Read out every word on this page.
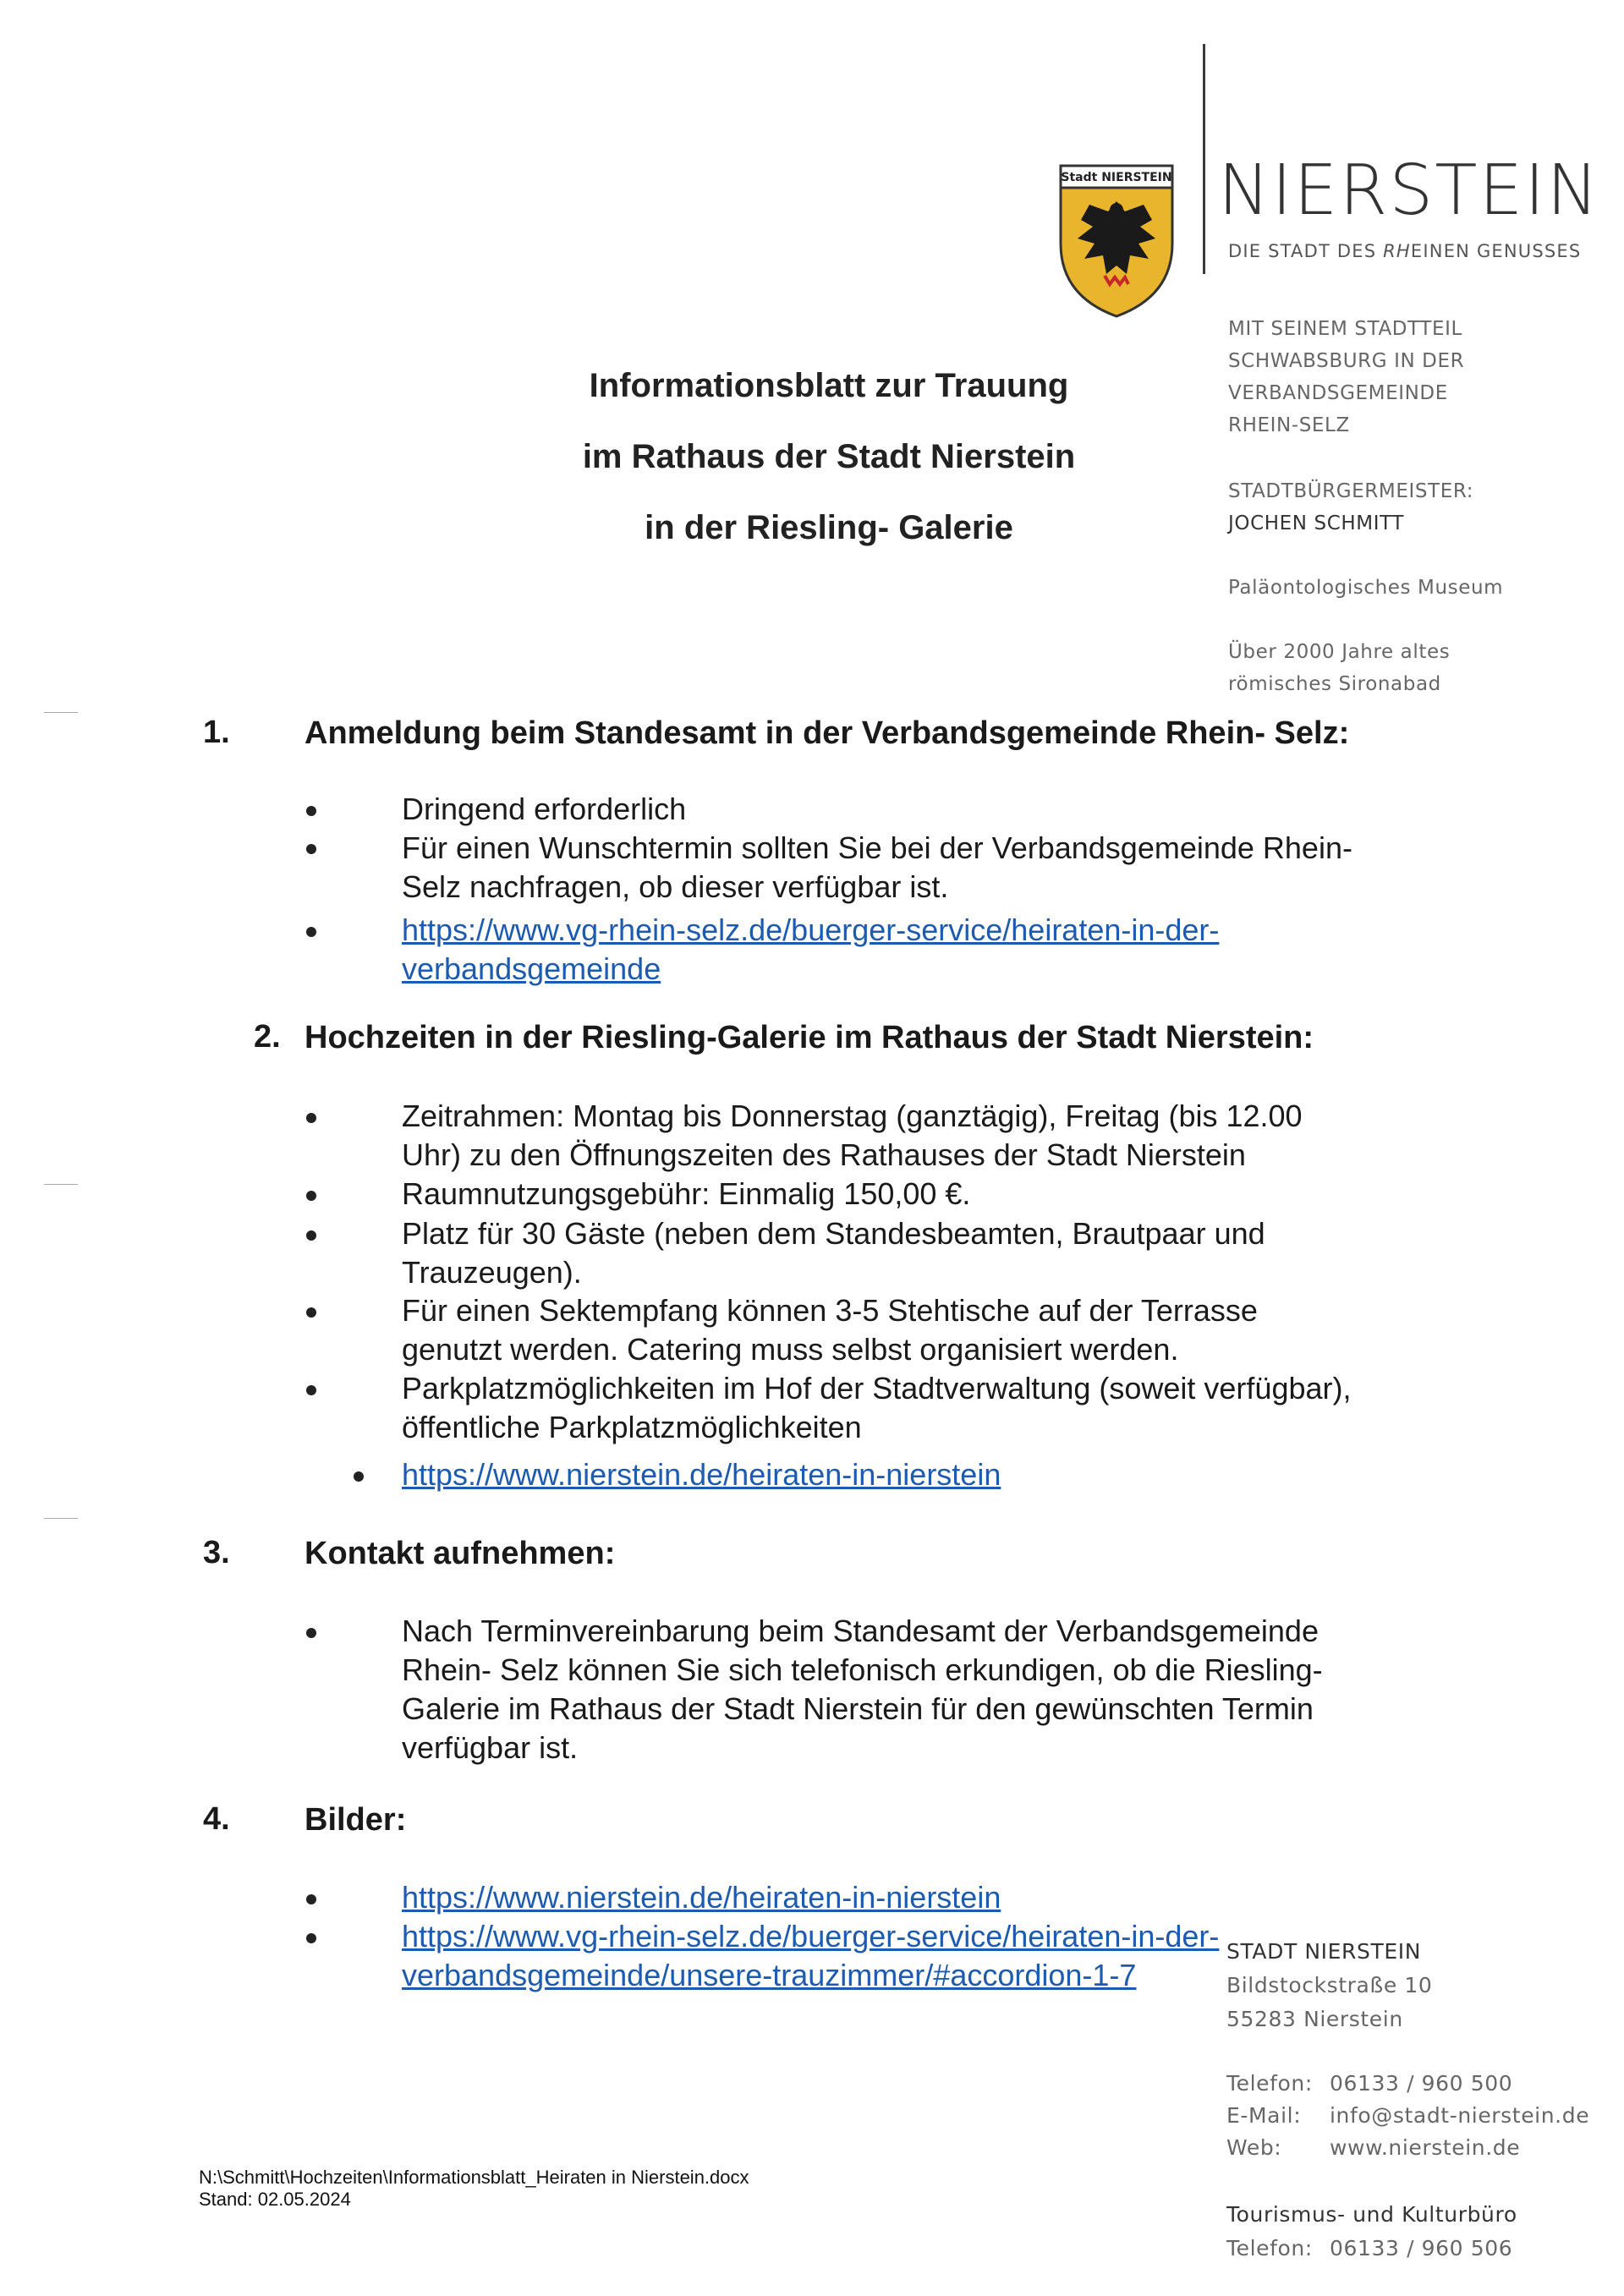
Stadt NIERSTEIN NIERSTEIN
DIE STADT DES RHEINEN GENUSSES
MIT SEINEM STADTTEIL
SCHWABSBURG IN DER
VERBANDSGEMEINDE
RHEIN-SELZ
STADTBÜRGERMEISTER:
JOCHEN SCHMITT
Paläontologisches Museum
Über 2000 Jahre altes
römisches Sironabad
Informationsblatt zur Trauung
im Rathaus der Stadt Nierstein
in der Riesling- Galerie
1. Anmeldung beim Standesamt in der Verbandsgemeinde Rhein- Selz:
Dringend erforderlich
Für einen Wunschtermin sollten Sie bei der Verbandsgemeinde Rhein-
Selz nachfragen, ob dieser verfügbar ist.
https://www.vg-rhein-selz.de/buerger-service/heiraten-in-der-
verbandsgemeinde
2. Hochzeiten in der Riesling-Galerie im Rathaus der Stadt Nierstein:
Zeitrahmen: Montag bis Donnerstag (ganztägig), Freitag (bis 12.00
Uhr) zu den Öffnungszeiten des Rathauses der Stadt Nierstein
Raumnutzungsgebühr: Einmalig 150,00 €.
Platz für 30 Gäste (neben dem Standesbeamten, Brautpaar und
Trauzeugen).
Für einen Sektempfang können 3-5 Stehtische auf der Terrasse
genutzt werden. Catering muss selbst organisiert werden.
Parkplatzmöglichkeiten im Hof der Stadtverwaltung (soweit verfügbar),
öffentliche Parkplatzmöglichkeiten
https://www.nierstein.de/heiraten-in-nierstein
3. Kontakt aufnehmen:
Nach Terminvereinbarung beim Standesamt der Verbandsgemeinde
Rhein- Selz können Sie sich telefonisch erkundigen, ob die Riesling-
Galerie im Rathaus der Stadt Nierstein für den gewünschten Termin
verfügbar ist.
4. Bilder:
https://www.nierstein.de/heiraten-in-nierstein
https://www.vg-rhein-selz.de/buerger-service/heiraten-in-der-
verbandsgemeinde/unsere-trauzimmer/#accordion-1-7
STADT NIERSTEIN
Bildstockstraße 10
55283 Nierstein
Telefon: 06133 / 960 500
E-Mail: info@stadt-nierstein.de
Web: www.nierstein.de
Tourismus- und Kulturbüro
Telefon: 06133 / 960 506
N:\Schmitt\Hochzeiten\Informationsblatt_Heiraten in Nierstein.docx
Stand: 02.05.2024
